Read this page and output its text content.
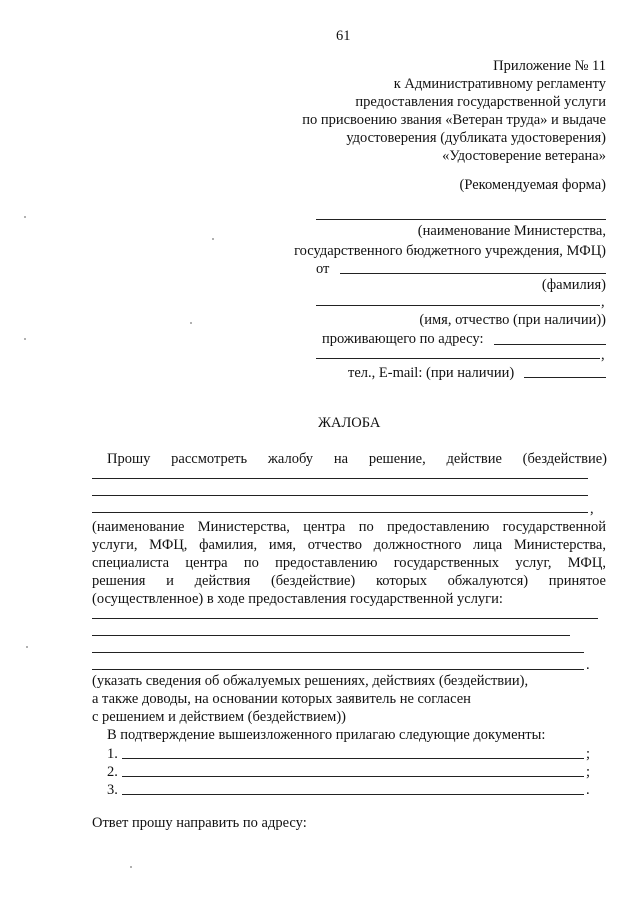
61
Приложение № 11
к Административному регламенту
предоставления государственной услуги
по присвоению звания «Ветеран труда» и выдаче
удостоверения (дубликата удостоверения)
«Удостоверение ветерана»
(Рекомендуемая форма)
(наименование Министерства,
государственного бюджетного учреждения, МФЦ)
от
(фамилия)
,
(имя, отчество (при наличии))
проживающего по адресу:
,
тел., E-mail: (при наличии)
ЖАЛОБА
Прошу рассмотреть жалобу на решение, действие (бездействие)
,
(наименование Министерства, центра по предоставлению государственной
услуги, МФЦ, фамилия, имя, отчество должностного лица Министерства,
специалиста центра по предоставлению государственных услуг, МФЦ,
решения и действия (бездействие) которых обжалуются) принятое
(осуществленное) в ходе предоставления государственной услуги:
.
(указать сведения об обжалуемых решениях, действиях (бездействии),
а также доводы, на основании которых заявитель не согласен
с решением и действием (бездействием))
В подтверждение вышеизложенного прилагаю следующие документы:
1.	;
2.	;
3.	.
Ответ прошу направить по адресу:
